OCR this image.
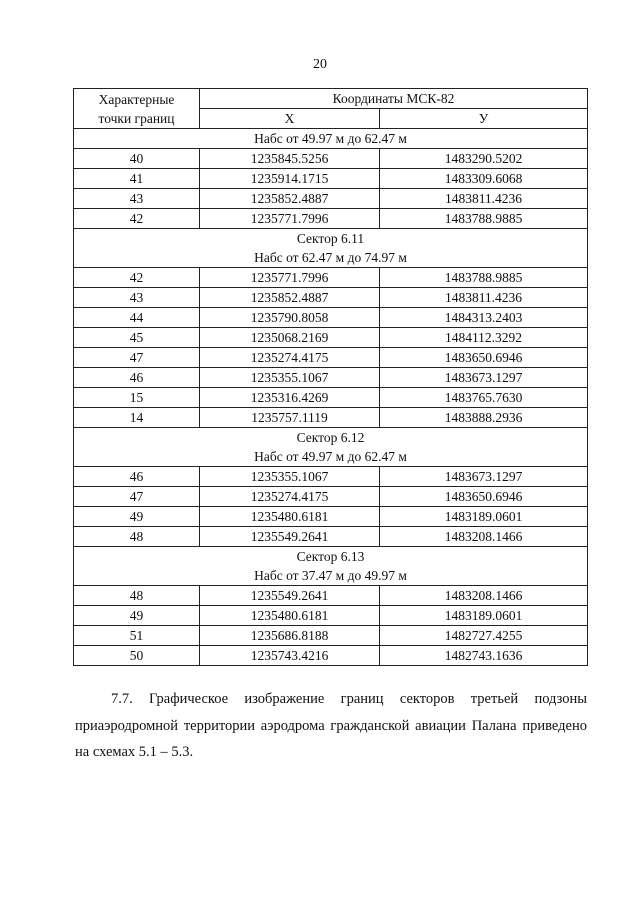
20
Характерные
точки границ	Координаты МСК-82	
	Х	У
Набс от 49.97 м до 62.47 м		
40	1235845.5256	1483290.5202
41	1235914.1715	1483309.6068
43	1235852.4887	1483811.4236
42	1235771.7996	1483788.9885
Сектор 6.11		
Набс от 62.47 м до 74.97 м		
42	1235771.7996	1483788.9885
43	1235852.4887	1483811.4236
44	1235790.8058	1484313.2403
45	1235068.2169	1484112.3292
47	1235274.4175	1483650.6946
46	1235355.1067	1483673.1297
15	1235316.4269	1483765.7630
14	1235757.1119	1483888.2936
Сектор 6.12		
Набс от 49.97 м до 62.47 м		
46	1235355.1067	1483673.1297
47	1235274.4175	1483650.6946
49	1235480.6181	1483189.0601
48	1235549.2641	1483208.1466
Сектор 6.13		
Набс от 37.47 м до 49.97 м		
48	1235549.2641	1483208.1466
49	1235480.6181	1483189.0601
51	1235686.8188	1482727.4255
50	1235743.4216	1482743.1636
7.7. Графическое изображение границ секторов третьей подзоны
приаэродромной территории аэродрома гражданской авиации Палана приведено
на схемах 5.1 – 5.3.
